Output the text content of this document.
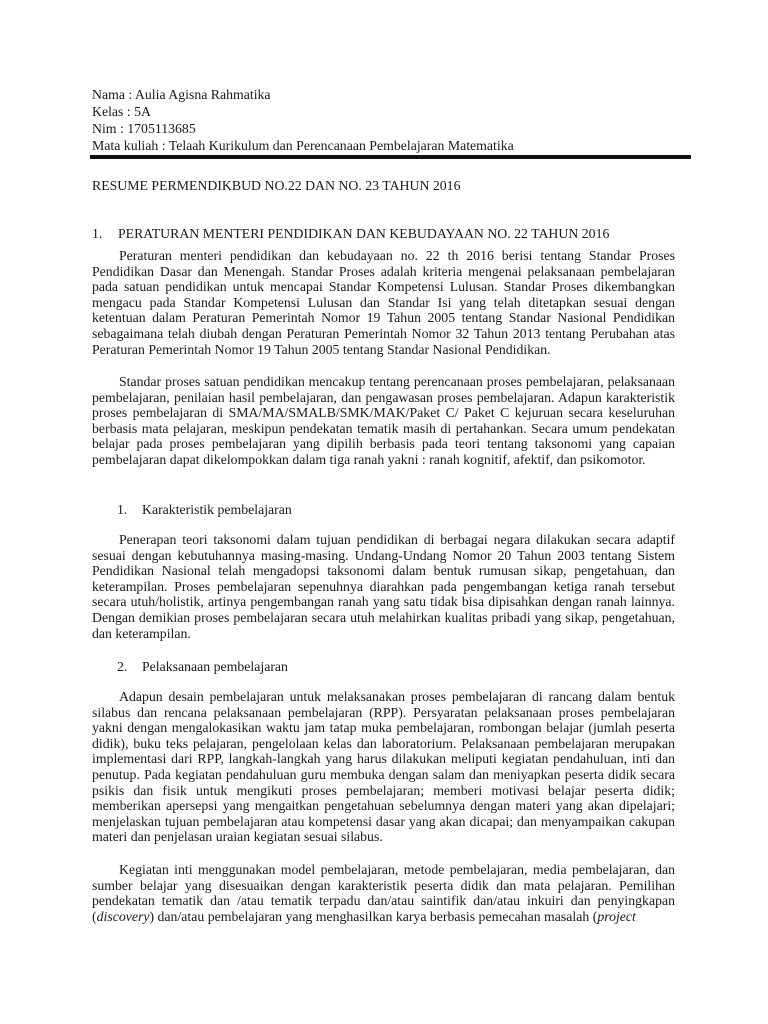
Nama : Aulia Agisna Rahmatika
Kelas : 5A
Nim : 1705113685
Mata kuliah : Telaah Kurikulum dan Perencanaan Pembelajaran Matematika
RESUME PERMENDIKBUD NO.22 DAN NO. 23 TAHUN 2016
1. PERATURAN MENTERI PENDIDIKAN DAN KEBUDAYAAN NO. 22 TAHUN 2016

Peraturan menteri pendidikan dan kebudayaan no. 22 th 2016 berisi tentang Standar Proses Pendidikan Dasar dan Menengah. Standar Proses adalah kriteria mengenai pelaksanaan pembelajaran pada satuan pendidikan untuk mencapai Standar Kompetensi Lulusan. Standar Proses dikembangkan mengacu pada Standar Kompetensi Lulusan dan Standar Isi yang telah ditetapkan sesuai dengan ketentuan dalam Peraturan Pemerintah Nomor 19 Tahun 2005 tentang Standar Nasional Pendidikan sebagaimana telah diubah dengan Peraturan Pemerintah Nomor 32 Tahun 2013 tentang Perubahan atas Peraturan Pemerintah Nomor 19 Tahun 2005 tentang Standar Nasional Pendidikan.

Standar proses satuan pendidikan mencakup tentang perencanaan proses pembelajaran, pelaksanaan pembelajaran, penilaian hasil pembelajaran, dan pengawasan proses pembelajaran. Adapun karakteristik proses pembelajaran di SMA/MA/SMALB/SMK/MAK/Paket C/ Paket C kejuruan secara keseluruhan berbasis mata pelajaran, meskipun pendekatan tematik masih di pertahankan. Secara umum pendekatan belajar pada proses pembelajaran yang dipilih berbasis pada teori tentang taksonomi yang capaian pembelajaran dapat dikelompokkan dalam tiga ranah yakni : ranah kognitif, afektif, dan psikomotor.

1. Karakteristik pembelajaran

Penerapan teori taksonomi dalam tujuan pendidikan di berbagai negara dilakukan secara adaptif sesuai dengan kebutuhannya masing-masing. Undang-Undang Nomor 20 Tahun 2003 tentang Sistem Pendidikan Nasional telah mengadopsi taksonomi dalam bentuk rumusan sikap, pengetahuan, dan keterampilan. Proses pembelajaran sepenuhnya diarahkan pada pengembangan ketiga ranah tersebut secara utuh/holistik, artinya pengembangan ranah yang satu tidak bisa dipisahkan dengan ranah lainnya. Dengan demikian proses pembelajaran secara utuh melahirkan kualitas pribadi yang sikap, pengetahuan, dan keterampilan.

2. Pelaksanaan pembelajaran

Adapun desain pembelajaran untuk melaksanakan proses pembelajaran di rancang dalam bentuk silabus dan rencana pelaksanaan pembelajaran (RPP). Persyaratan pelaksanaan proses pembelajaran yakni dengan mengalokasikan waktu jam tatap muka pembelajaran, rombongan belajar (jumlah peserta didik), buku teks pelajaran, pengelolaan kelas dan laboratorium. Pelaksanaan pembelajaran merupakan implementasi dari RPP, langkah-langkah yang harus dilakukan meliputi kegiatan pendahuluan, inti dan penutup. Pada kegiatan pendahuluan guru membuka dengan salam dan meniyapkan peserta didik secara psikis dan fisik untuk mengikuti proses pembelajaran; memberi motivasi belajar peserta didik; memberikan apersepsi yang mengaitkan pengetahuan sebelumnya dengan materi yang akan dipelajari; menjelaskan tujuan pembelajaran atau kompetensi dasar yang akan dicapai; dan menyampaikan cakupan materi dan penjelasan uraian kegiatan sesuai silabus.

Kegiatan inti menggunakan model pembelajaran, metode pembelajaran, media pembelajaran, dan sumber belajar yang disesuaikan dengan karakteristik peserta didik dan mata pelajaran. Pemilihan pendekatan tematik dan /atau tematik terpadu dan/atau saintifik dan/atau inkuiri dan penyingkapan (discovery) dan/atau pembelajaran yang menghasilkan karya berbasis pemecahan masalah (project
